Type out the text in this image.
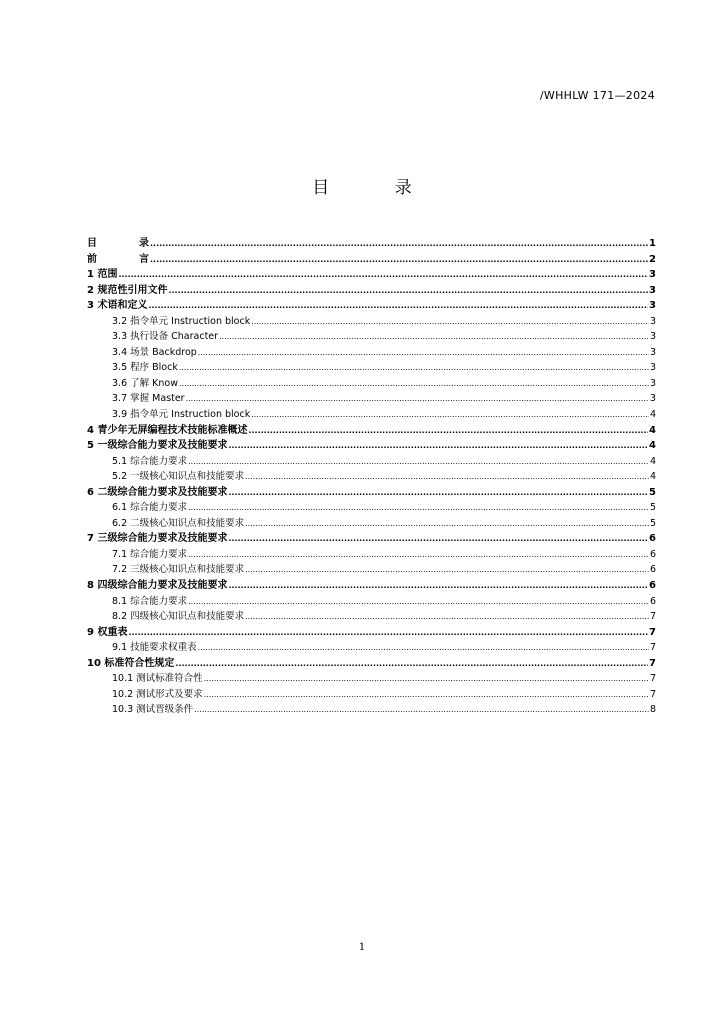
/WHHLW 171—2024
目 录
目 录 .....	1
前 言 .....	2
1 范围 .....	3
2 规范性引用文件 .....	3
3 术语和定义 .....	3
3.2 指令单元 Instruction block .....	3
3.3 执行设备 Character .....	3
3.4 场景 Backdrop .....	3
3.5 程序 Block .....	3
3.6 了解 Know .....	3
3.7 掌握 Master .....	3
3.9 指令单元 Instruction block .....	4
4 青少年无屏编程技术技能标准概述 .....	4
5 一级综合能力要求及技能要求 .....	4
5.1 综合能力要求 .....	4
5.2 一级核心知识点和技能要求 .....	4
6 二级综合能力要求及技能要求 .....	5
6.1 综合能力要求 .....	5
6.2 二级核心知识点和技能要求 .....	5
7 三级综合能力要求及技能要求 .....	6
7.1 综合能力要求 .....	6
7.2 三级核心知识点和技能要求 .....	6
8 四级综合能力要求及技能要求 .....	6
8.1 综合能力要求 .....	6
8.2 四级核心知识点和技能要求 .....	7
9 权重表 .....	7
9.1 技能要求权重表 .....	7
10 标准符合性规定 .....	7
10.1 测试标准符合性 .....	7
10.2 测试形式及要求 .....	7
10.3 测试晋级条件 .....	8
1
